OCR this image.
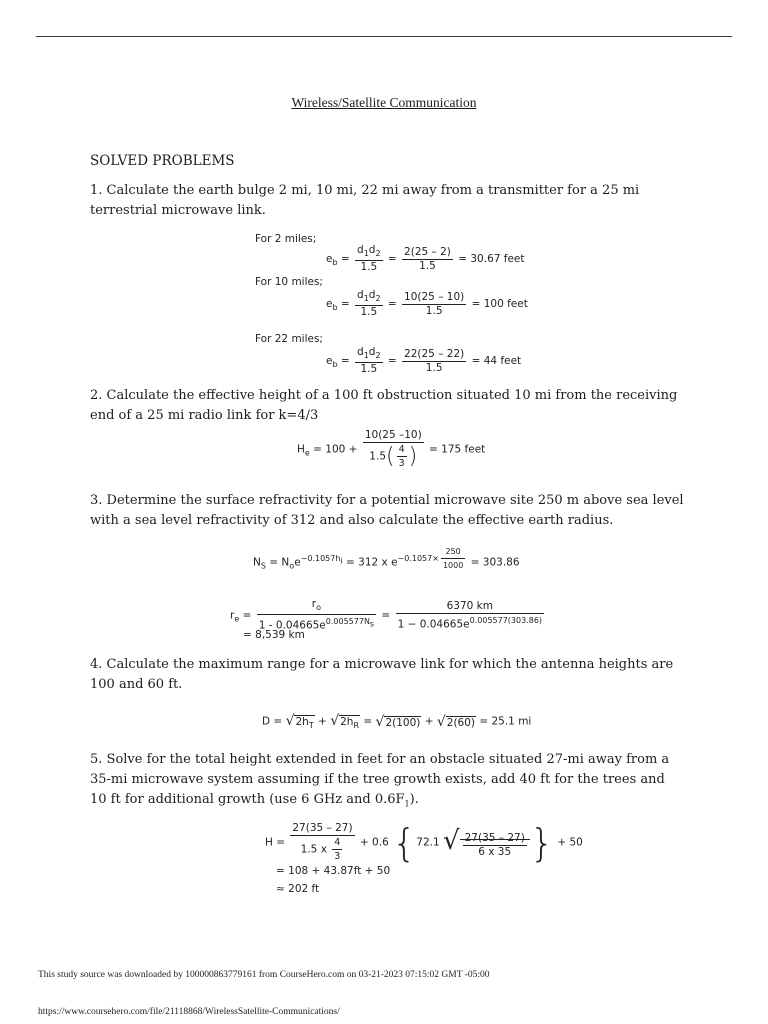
Wireless/Satellite Communication
SOLVED PROBLEMS
1. Calculate the earth bulge 2 mi, 10 mi, 22 mi away from a transmitter for a 25 mi terrestrial microwave link.
For 2 miles;
$e_b = \frac{d_1d_2}{1.5} = \frac{2(25 - 2)}{1.5} = 30.67$ feet
For 10 miles;
$e_b = \frac{d_1d_2}{1.5} = \frac{10(25 - 10)}{1.5} = 100$ feet
For 22 miles;
$e_b = \frac{d_1d_2}{1.5} = \frac{22(25 - 22)}{1.5} = 44$ feet
2. Calculate the effective height of a 100 ft obstruction situated 10 mi from the receiving end of a 25 mi radio link for k=4/3
$H_e = 100 + \frac{10(25 -10)}{1.5( \frac{4}{3} )} = 175$ feet
3. Determine the surface refractivity for a potential microwave site 250 m above sea level with a sea level refractivity of 312 and also calculate the effective earth radius.
$N_S = N_oe^{-0.1057h_i} = 312$ x $e^{-0.1057\times \frac{250}{1000}} = 303.86$
$r_e = \frac{r_o}{1 - 0.04665e^{0.005577N_s}} = \frac{6370 km}{1 - 0.04665e^{0.005577(303.86)}}$
= 8,539 km
4. Calculate the maximum range for a microwave link for which the antenna heights are 100 and 60 ft.
$D = √2h_T + √2h_R = √2(100) + √2(60) = 25.1$ mi
5. Solve for the total height extended in feet for an obstacle situated 27-mi away from a 35-mi microwave system assuming if the tree growth exists, add 40 ft for the trees and 10 ft for additional growth (use 6 GHz and $0.6F_1$).
$H = \frac{27(35 - 27)}{1.5 x \frac{4}{3}} + 0.6$ {72.1 √ $\frac{27(35 - 27)}{6 x 35}$ } + 50
= 108 + 43.87ft + 50
≈ 202 ft
This study source was downloaded by 100000863779161 from CourseHero.com on 03-21-2023 07:15:02 GMT -05:00
https://www.coursehero.com/file/21118868/WirelessSatellite-Communications/
